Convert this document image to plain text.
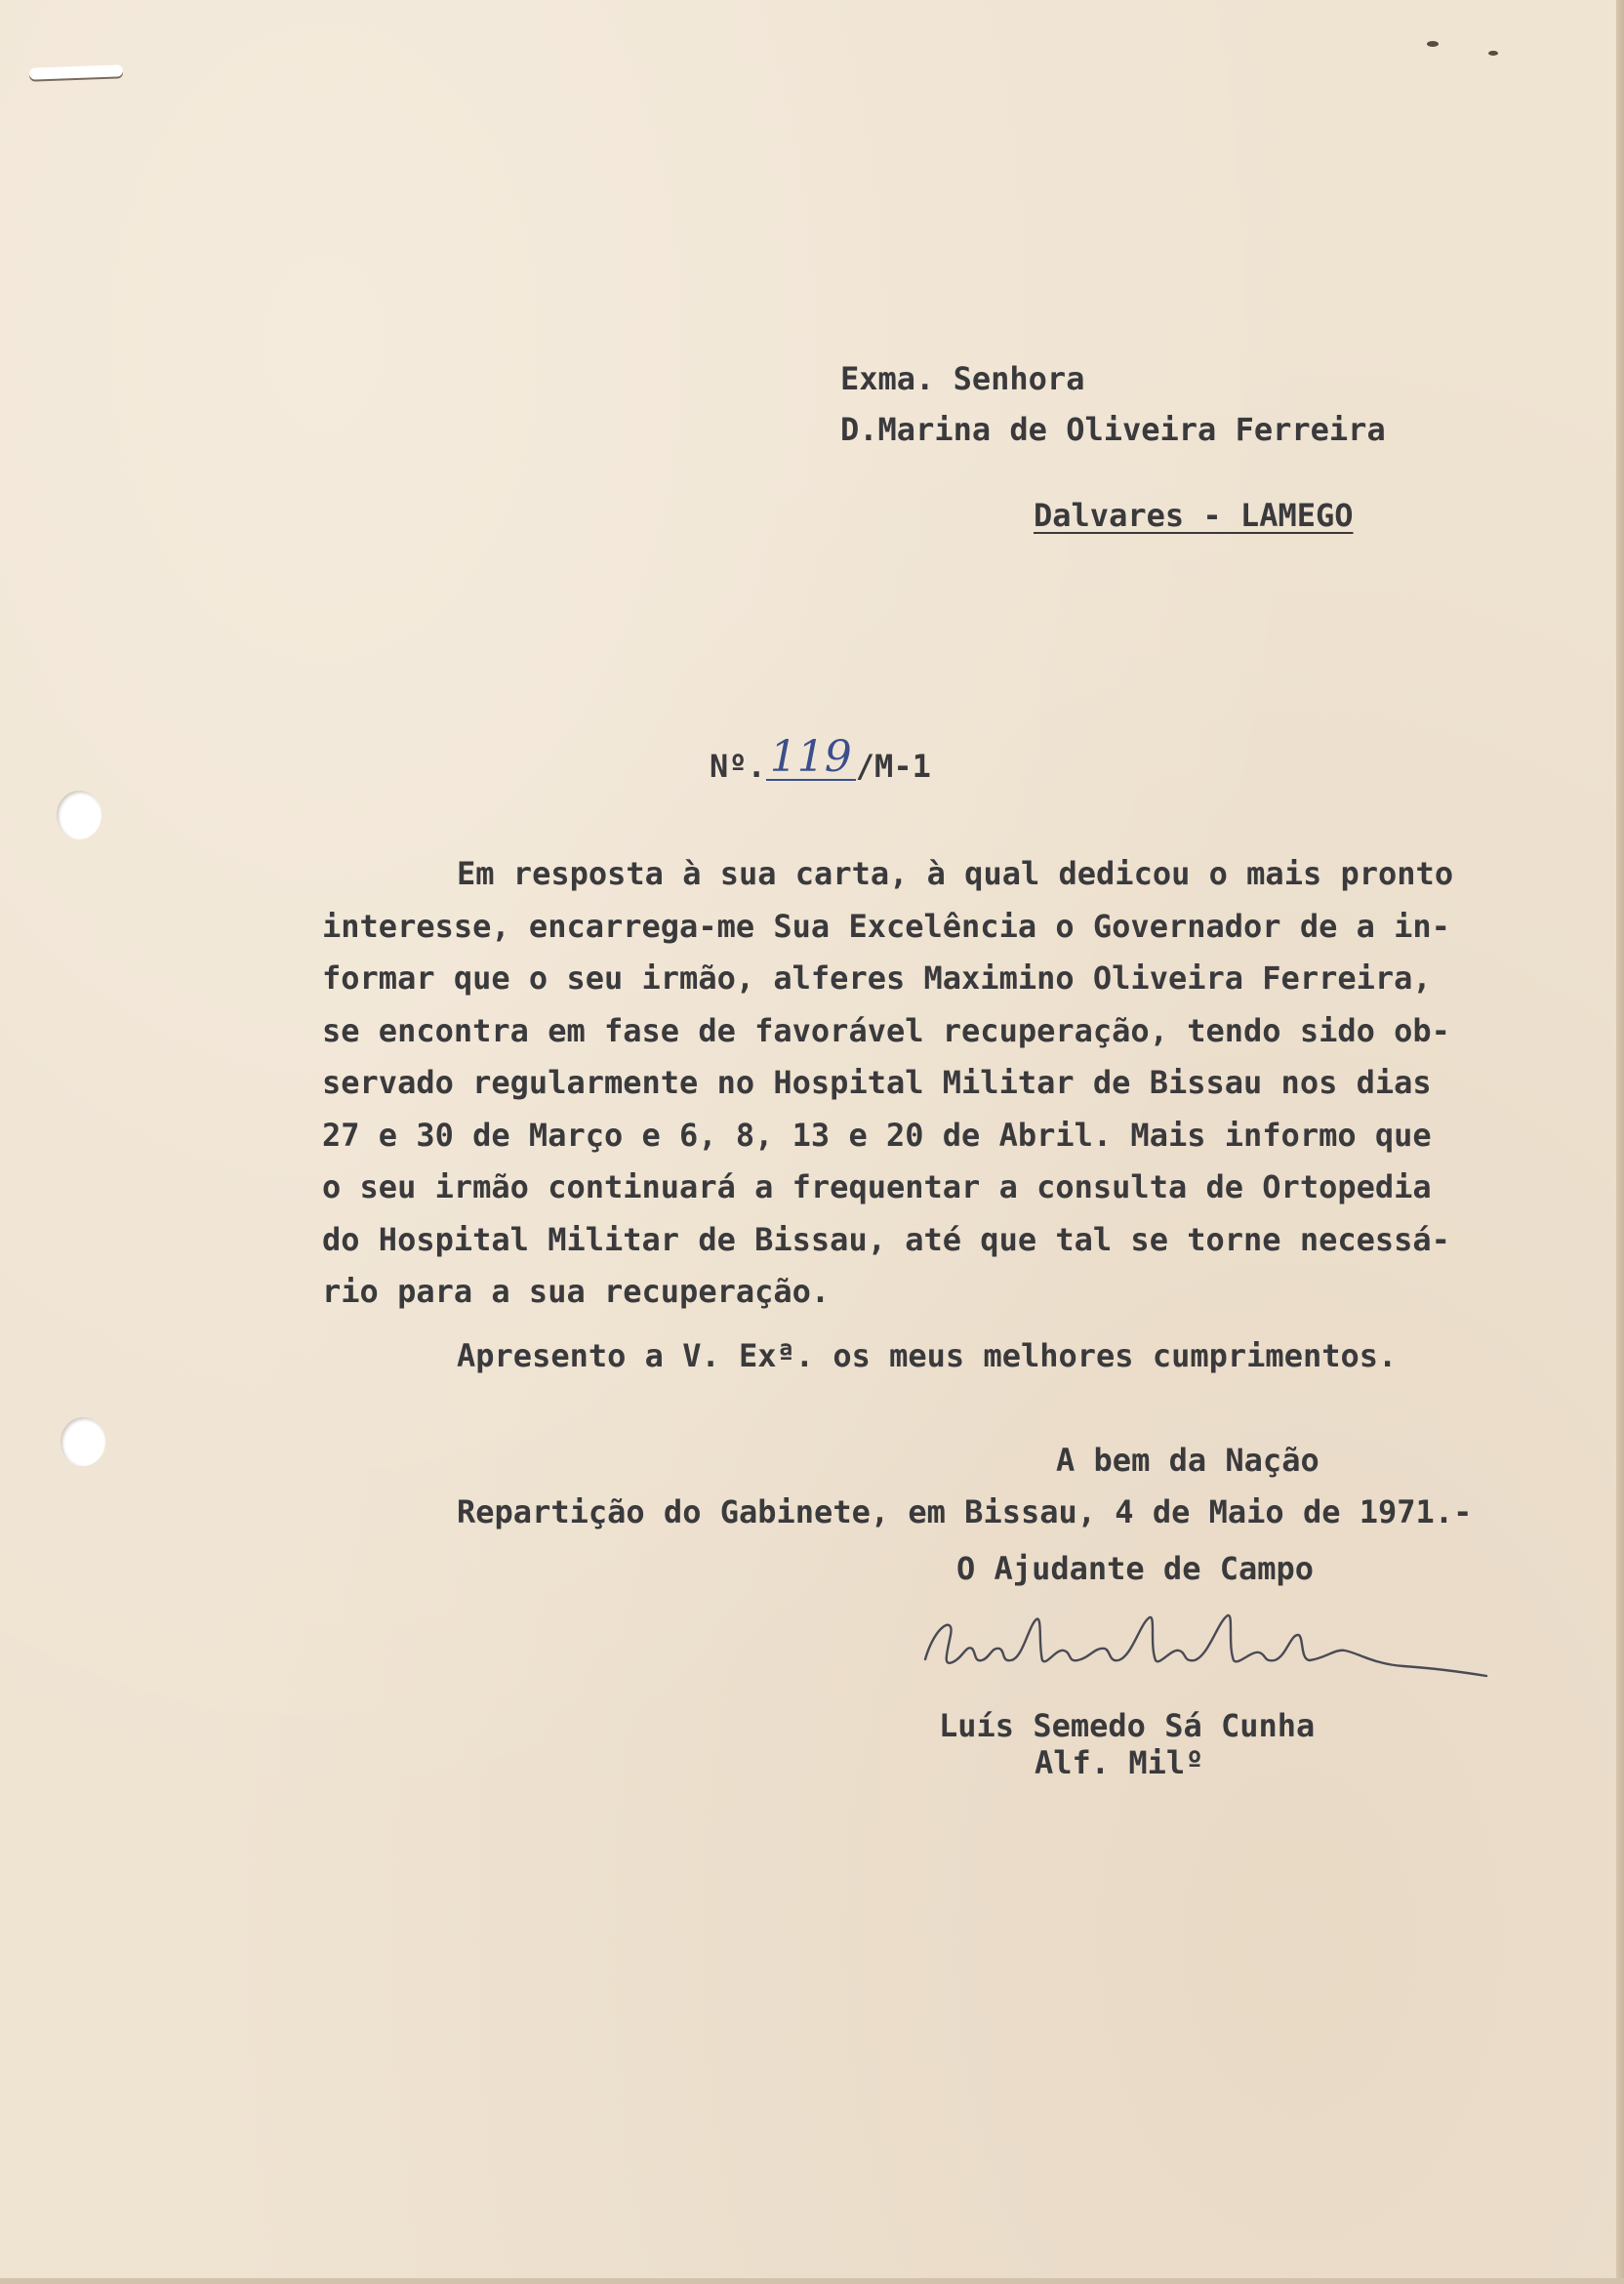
Exma. Senhora
D.Marina de Oliveira Ferreira
Dalvares - LAMEGO
Nº.119 /M-1
Em resposta à sua carta, à qual dedicou o mais pronto
interesse, encarrega-me Sua Excelência o Governador de a in-
formar que o seu irmão, alferes Maximino Oliveira Ferreira,
se encontra em fase de favorável recuperação, tendo sido ob-
servado regularmente no Hospital Militar de Bissau nos dias
27 e 30 de Março e 6, 8, 13 e 20 de Abril. Mais informo que
o seu irmão continuará a frequentar a consulta de Ortopedia
do Hospital Militar de Bissau, até que tal se torne necessá-
rio para a sua recuperação.
Apresento a V. Exª. os meus melhores cumprimentos.
A bem da Nação
Repartição do Gabinete, em Bissau, 4 de Maio de 1971.-
O Ajudante de Campo
Luís Semedo Sá Cunha
Alf. Milº
